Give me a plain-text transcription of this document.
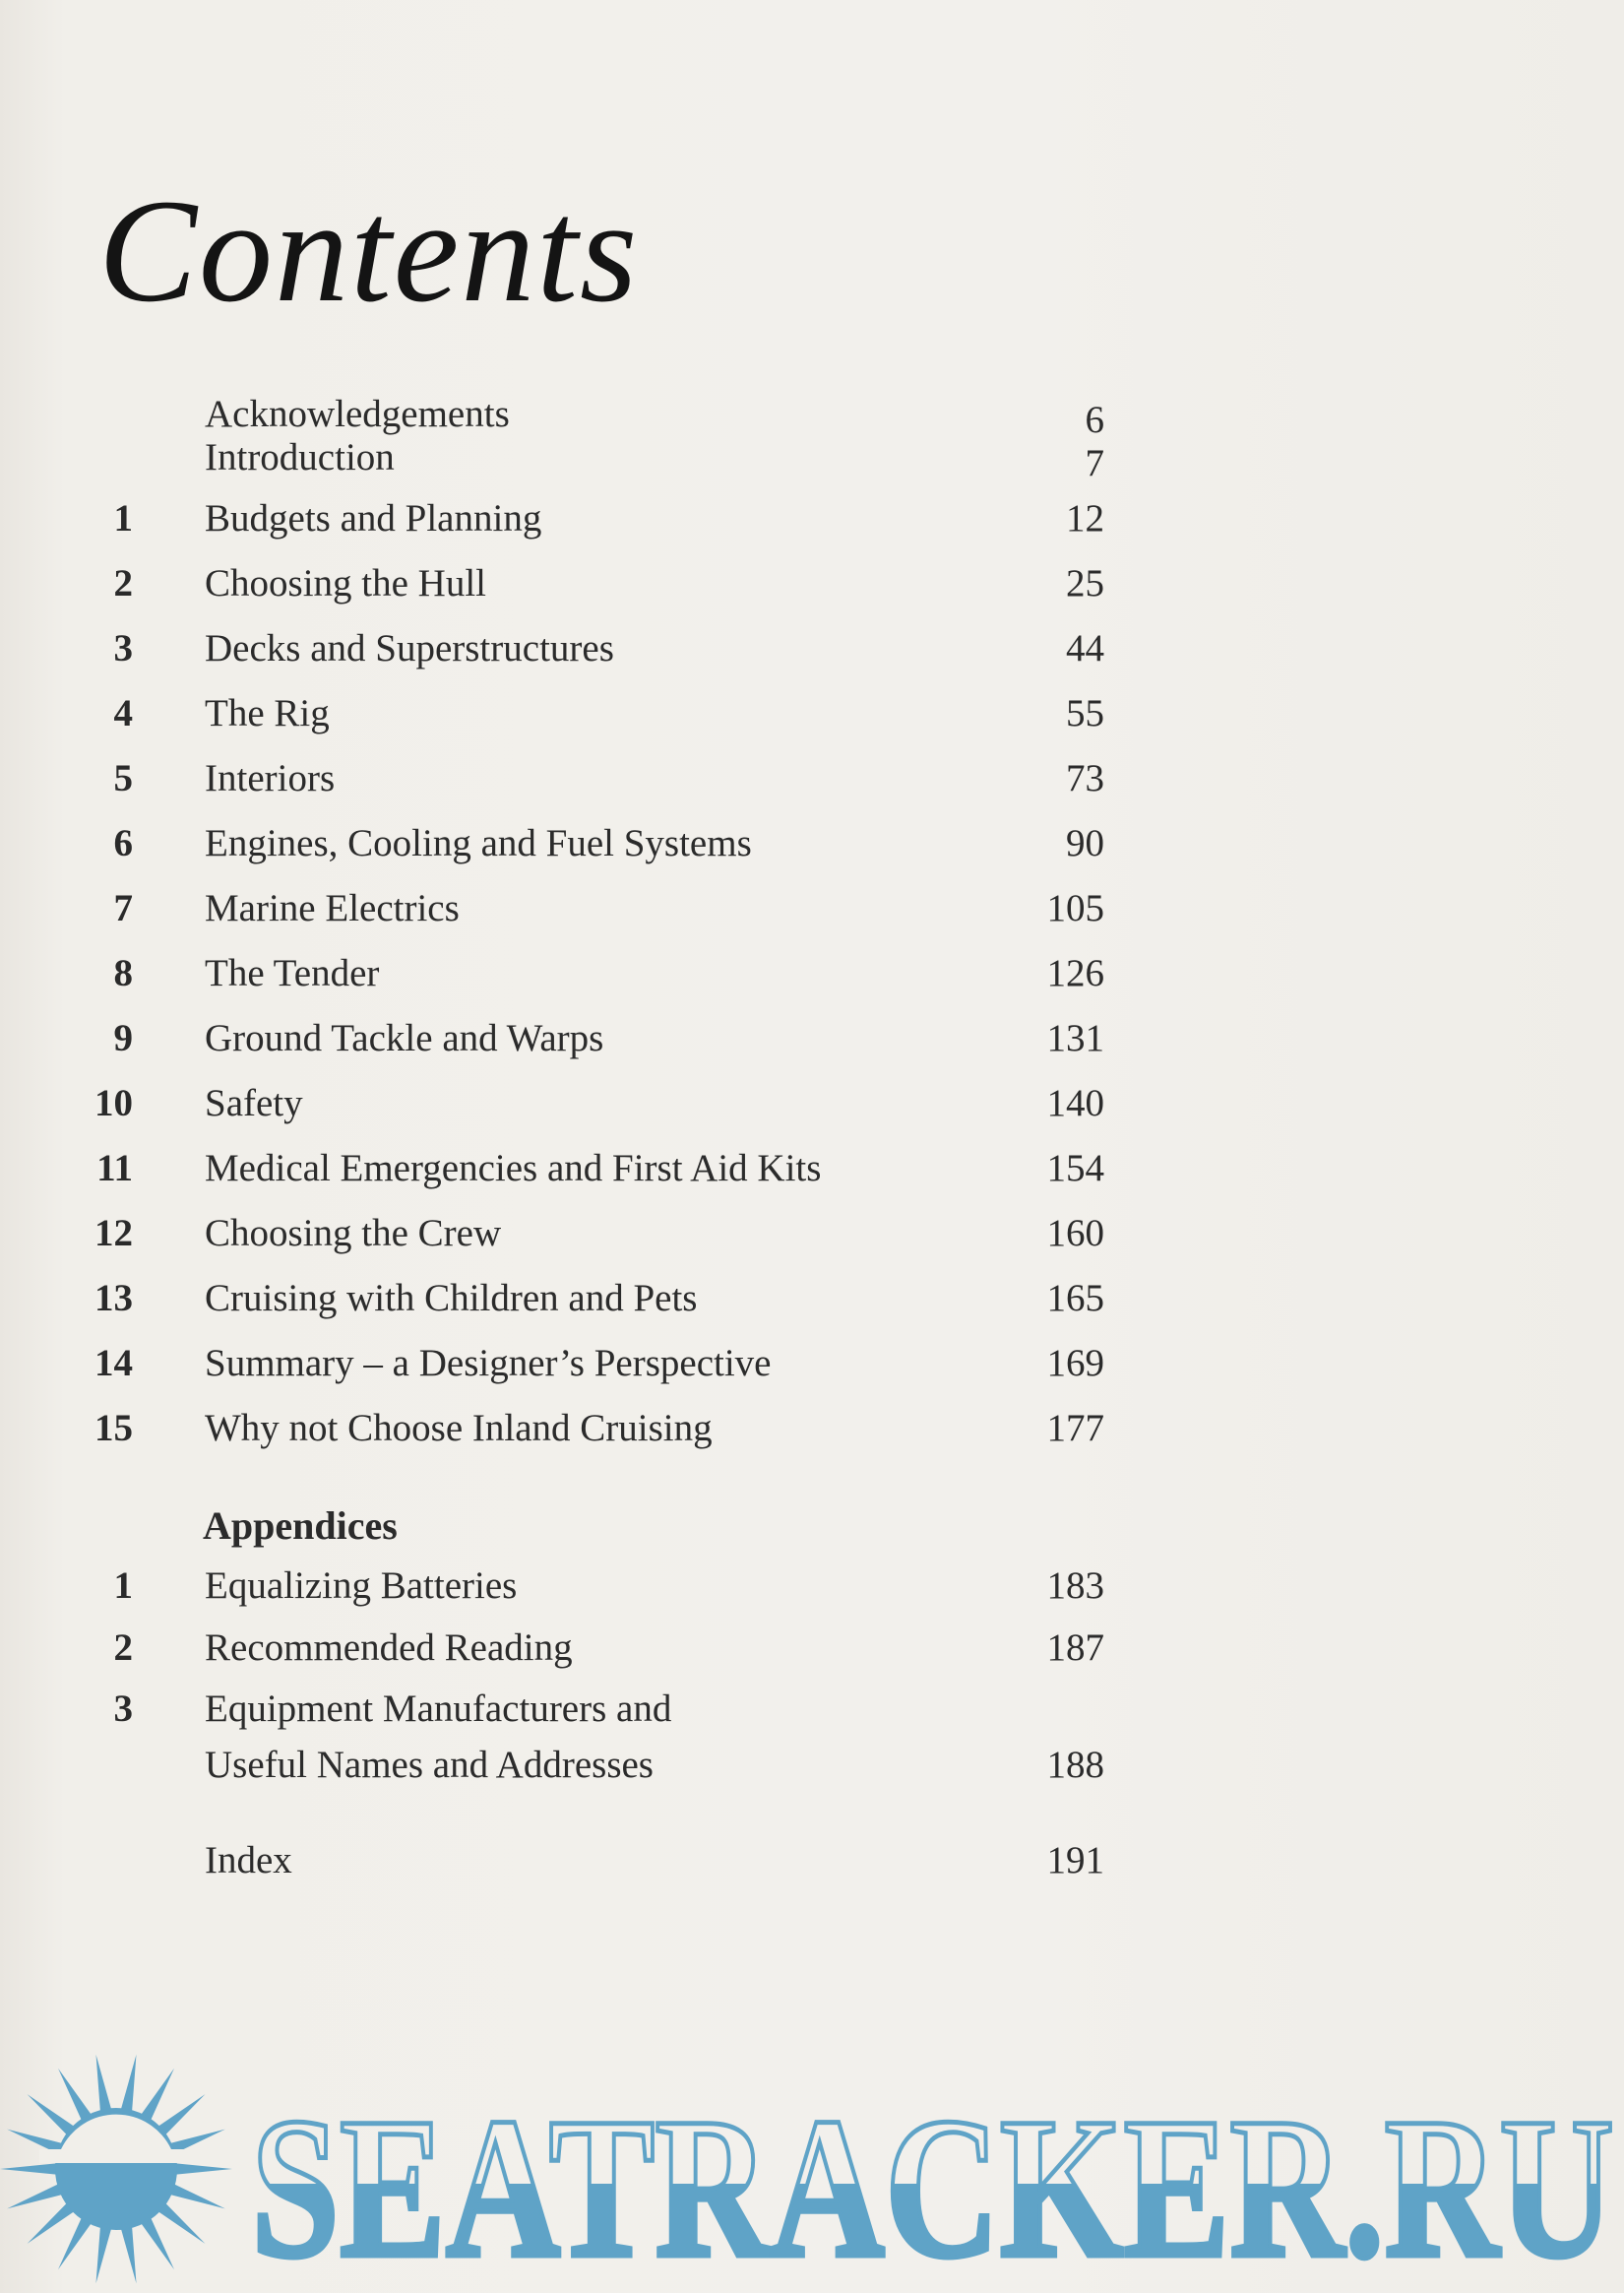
Contents
Acknowledgements	6
Introduction	7
1 Budgets and Planning	12
2 Choosing the Hull	25
3 Decks and Superstructures	44
4 The Rig	55
5 Interiors	73
6 Engines, Cooling and Fuel Systems	90
7 Marine Electrics	105
8 The Tender	126
9 Ground Tackle and Warps	131
10 Safety	140
11 Medical Emergencies and First Aid Kits	154
12 Choosing the Crew	160
13 Cruising with Children and Pets	165
14 Summary – a Designer’s Perspective	169
15 Why not Choose Inland Cruising	177
Appendices
1 Equalizing Batteries	183
2 Recommended Reading	187
3 Equipment Manufacturers and
Useful Names and Addresses	188
Index	191
SEATRACKER.RU
